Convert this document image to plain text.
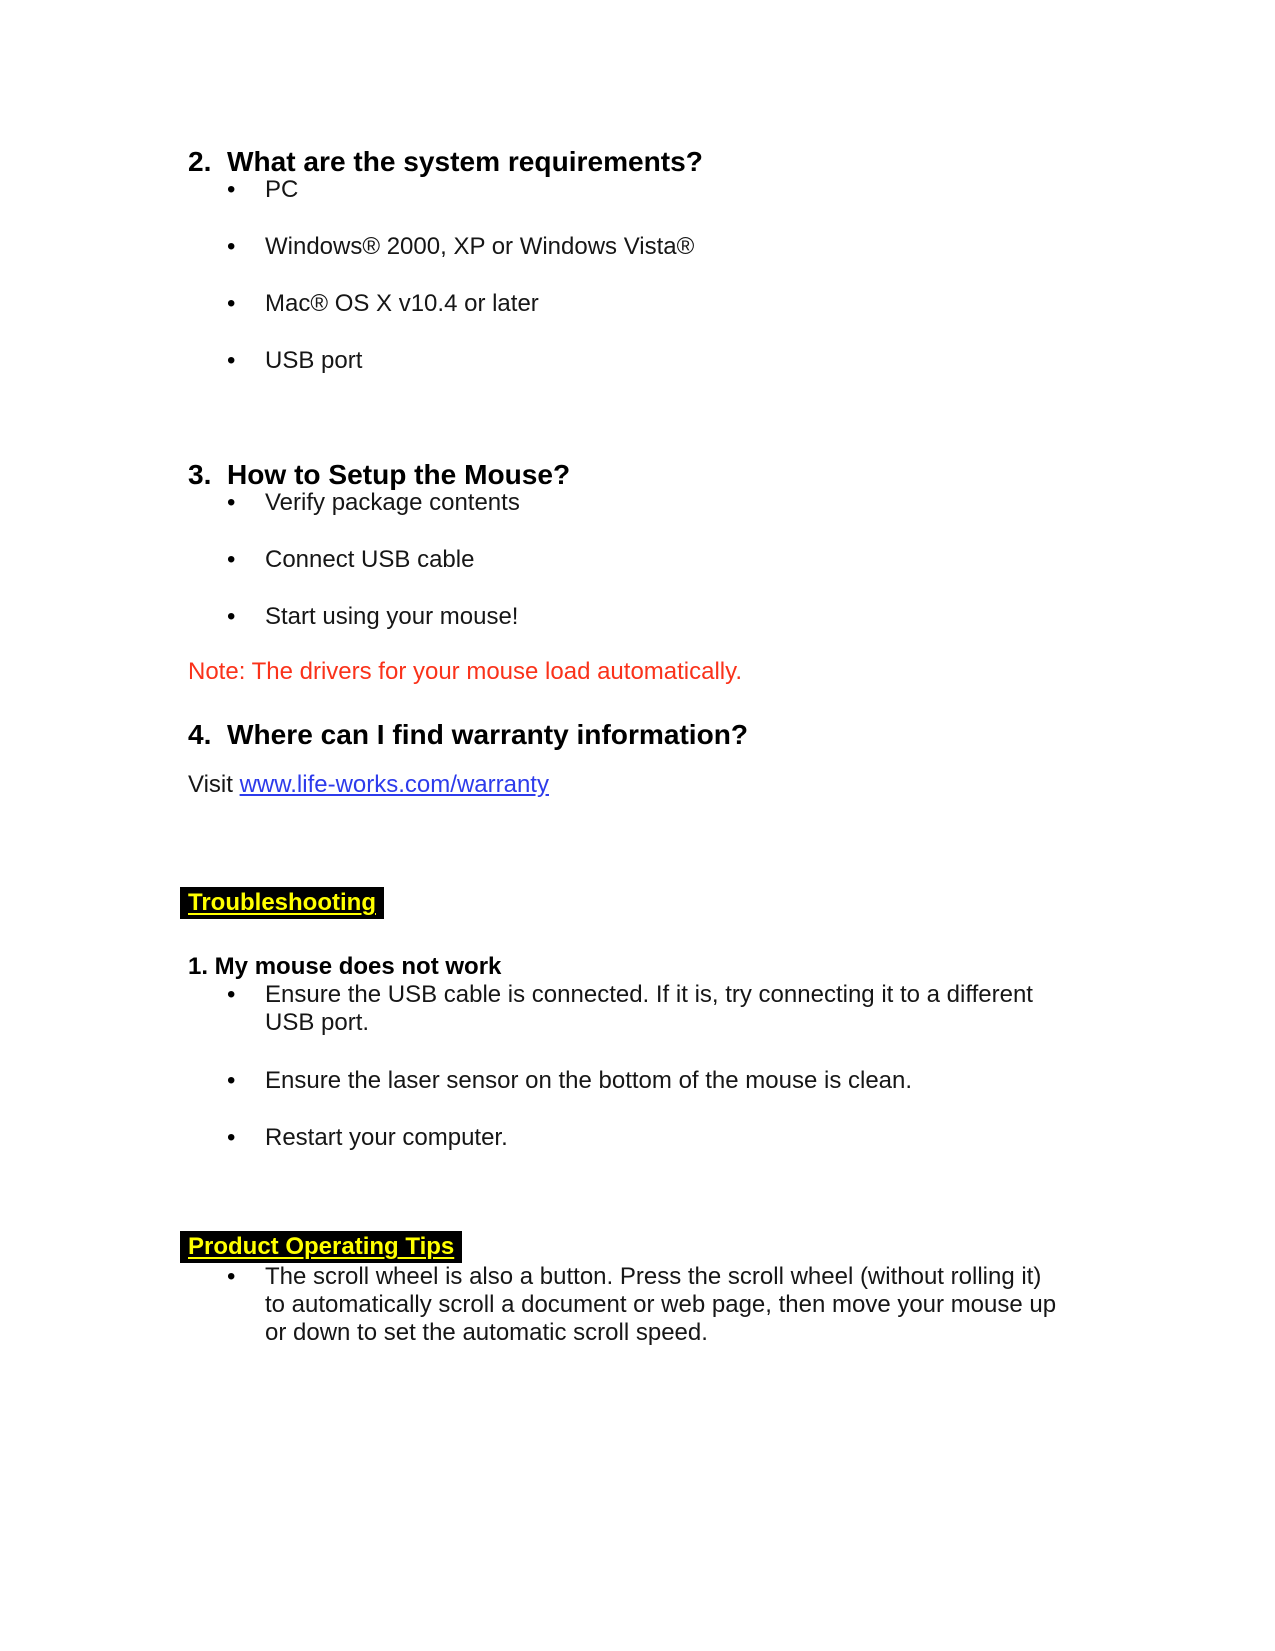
2. What are the system requirements?
• PC
• Windows® 2000, XP or Windows Vista®
• Mac® OS X v10.4 or later
• USB port
3. How to Setup the Mouse?
• Verify package contents
• Connect USB cable
• Start using your mouse!

Note: The drivers for your mouse load automatically.

4. Where can I find warranty information?

Visit www.life-works.com/warranty

Troubleshooting

1. My mouse does not work

• Ensure the USB cable is connected. If it is, try connecting it to a different USB port.
• Ensure the laser sensor on the bottom of the mouse is clean.
• Restart your computer.
Product Operating Tips
• The scroll wheel is also a button. Press the scroll wheel (without rolling it) to automatically scroll a document or web page, then move your mouse up or down to set the automatic scroll speed.
